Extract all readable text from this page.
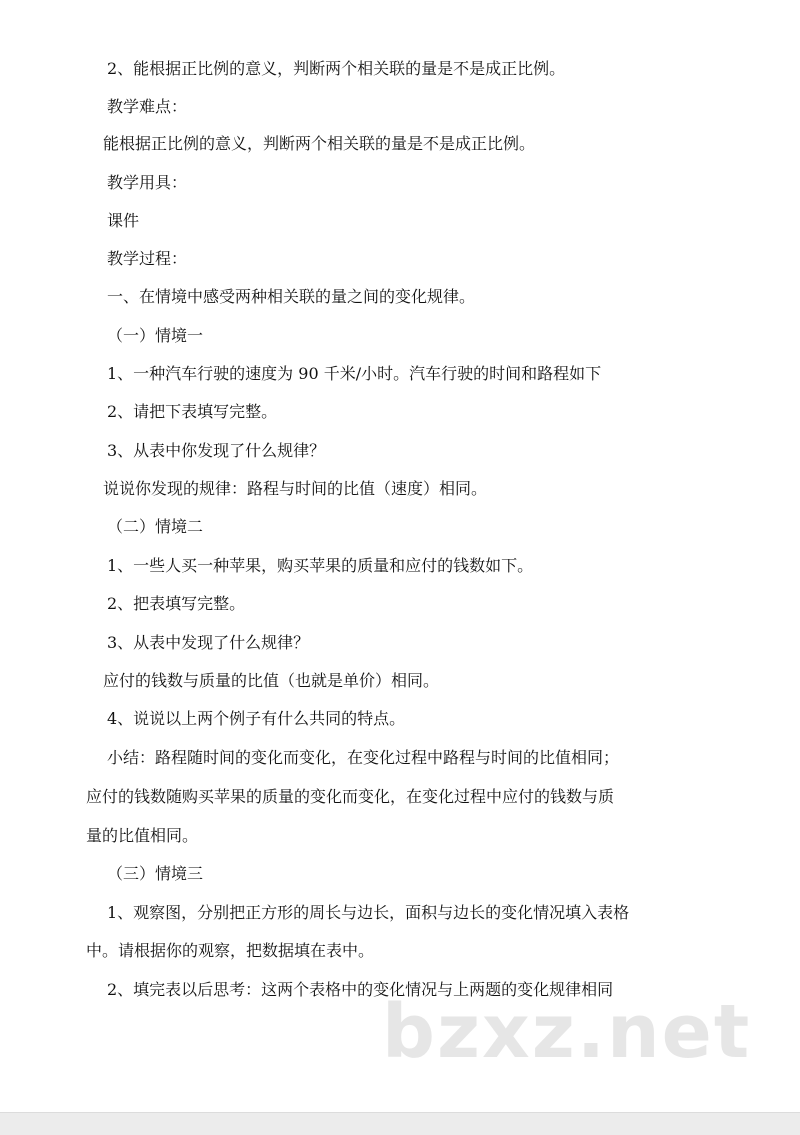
2、能根据正比例的意义，判断两个相关联的量是不是成正比例。
教学难点：
能根据正比例的意义，判断两个相关联的量是不是成正比例。
教学用具：
课件
教学过程：
一、在情境中感受两种相关联的量之间的变化规律。
（一）情境一
1、一种汽车行驶的速度为 90 千米/小时。汽车行驶的时间和路程如下
2、请把下表填写完整。
3、从表中你发现了什么规律？
说说你发现的规律：路程与时间的比值（速度）相同。
（二）情境二
1、一些人买一种苹果，购买苹果的质量和应付的钱数如下。
2、把表填写完整。
3、从表中发现了什么规律？
应付的钱数与质量的比值（也就是单价）相同。
4、说说以上两个例子有什么共同的特点。
小结：路程随时间的变化而变化，在变化过程中路程与时间的比值相同；
应付的钱数随购买苹果的质量的变化而变化，在变化过程中应付的钱数与质
量的比值相同。
（三）情境三
1、观察图，分别把正方形的周长与边长，面积与边长的变化情况填入表格
中。请根据你的观察，把数据填在表中。
2、填完表以后思考：这两个表格中的变化情况与上两题的变化规律相同
bzxz.net
